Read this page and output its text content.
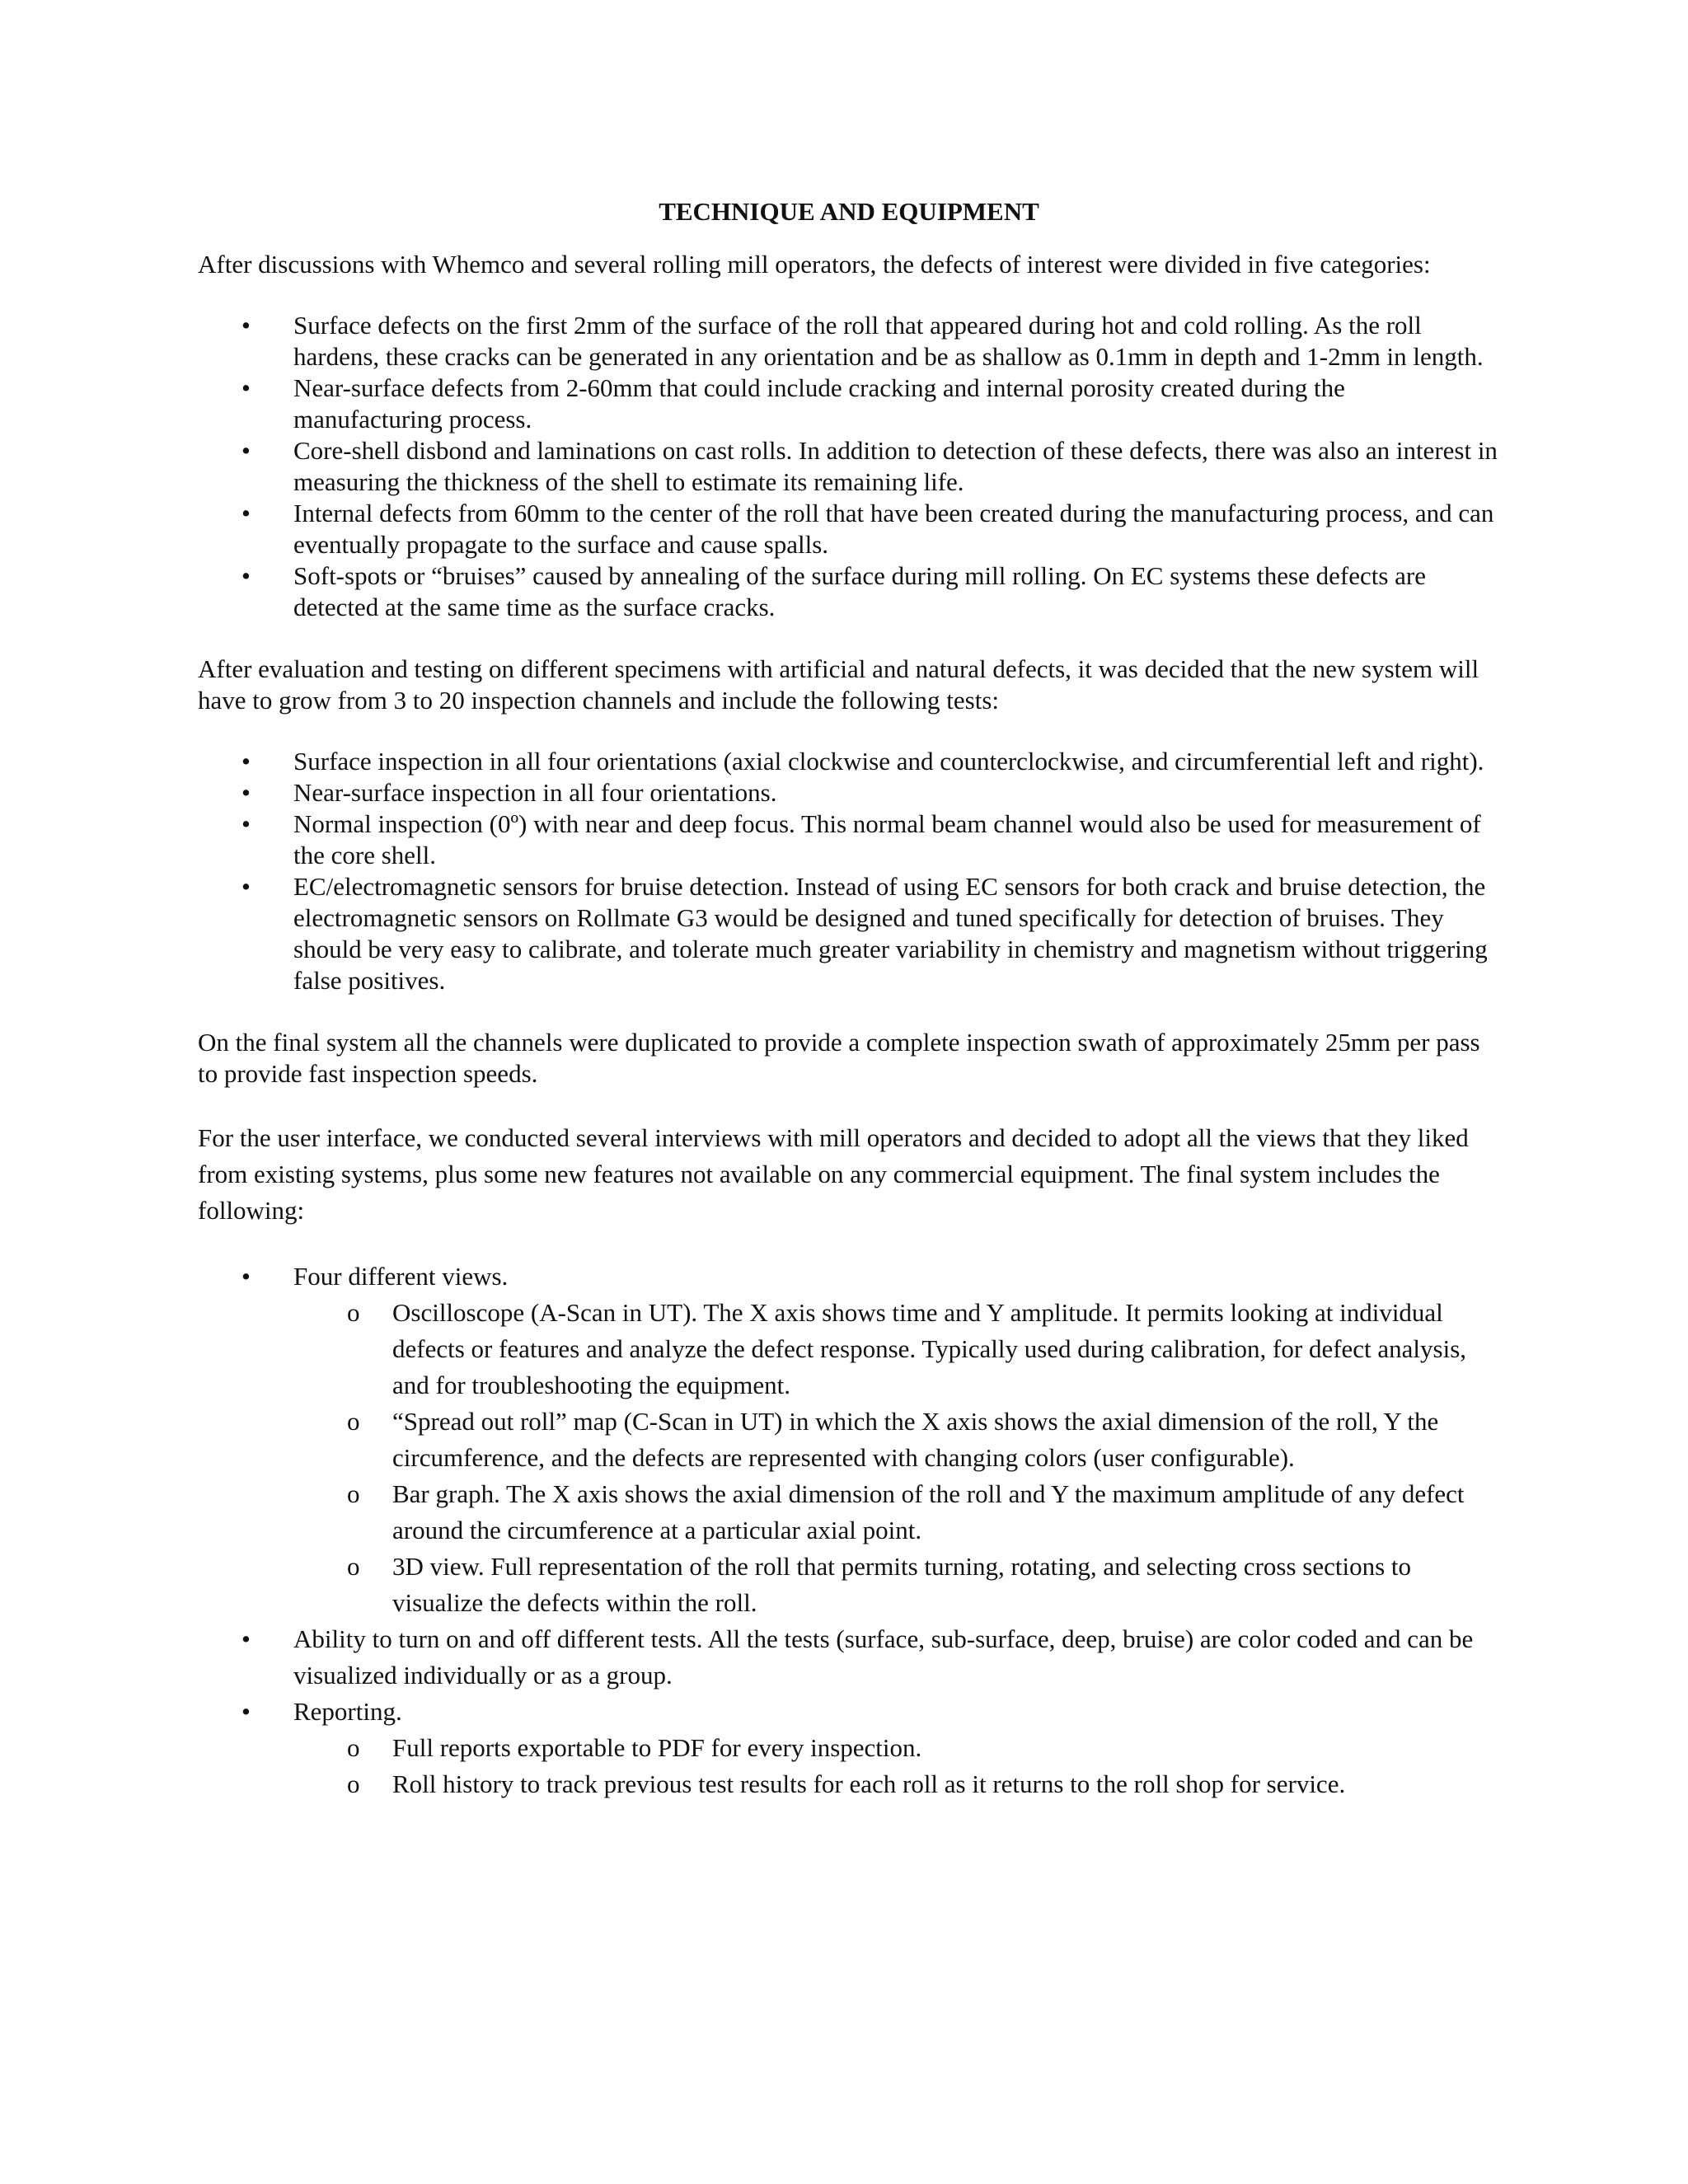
TECHNIQUE AND EQUIPMENT

After discussions with Whemco and several rolling mill operators, the defects of interest were divided in five categories:

• Surface defects on the first 2mm of the surface of the roll that appeared during hot and cold rolling. As the roll hardens, these cracks can be generated in any orientation and be as shallow as 0.1mm in depth and 1-2mm in length.
• Near-surface defects from 2-60mm that could include cracking and internal porosity created during the manufacturing process.
• Core-shell disbond and laminations on cast rolls. In addition to detection of these defects, there was also an interest in measuring the thickness of the shell to estimate its remaining life.
• Internal defects from 60mm to the center of the roll that have been created during the manufacturing process, and can eventually propagate to the surface and cause spalls.
• Soft-spots or “bruises” caused by annealing of the surface during mill rolling. On EC systems these defects are detected at the same time as the surface cracks.

After evaluation and testing on different specimens with artificial and natural defects, it was decided that the new system will have to grow from 3 to 20 inspection channels and include the following tests:

• Surface inspection in all four orientations (axial clockwise and counterclockwise, and circumferential left and right).
• Near-surface inspection in all four orientations.
• Normal inspection (0º) with near and deep focus. This normal beam channel would also be used for measurement of the core shell.
• EC/electromagnetic sensors for bruise detection. Instead of using EC sensors for both crack and bruise detection, the electromagnetic sensors on Rollmate G3 would be designed and tuned specifically for detection of bruises. They should be very easy to calibrate, and tolerate much greater variability in chemistry and magnetism without triggering false positives.

On the final system all the channels were duplicated to provide a complete inspection swath of approximately 25mm per pass to provide fast inspection speeds.

For the user interface, we conducted several interviews with mill operators and decided to adopt all the views that they liked from existing systems, plus some new features not available on any commercial equipment. The final system includes the following:

• Four different views.
o Oscilloscope (A-Scan in UT). The X axis shows time and Y amplitude. It permits looking at individual defects or features and analyze the defect response. Typically used during calibration, for defect analysis, and for troubleshooting the equipment.
o “Spread out roll” map (C-Scan in UT) in which the X axis shows the axial dimension of the roll, Y the circumference, and the defects are represented with changing colors (user configurable).
o Bar graph. The X axis shows the axial dimension of the roll and Y the maximum amplitude of any defect around the circumference at a particular axial point.
o 3D view. Full representation of the roll that permits turning, rotating, and selecting cross sections to visualize the defects within the roll.
• Ability to turn on and off different tests. All the tests (surface, sub-surface, deep, bruise) are color coded and can be visualized individually or as a group.
• Reporting.
o Full reports exportable to PDF for every inspection.
o Roll history to track previous test results for each roll as it returns to the roll shop for service.
